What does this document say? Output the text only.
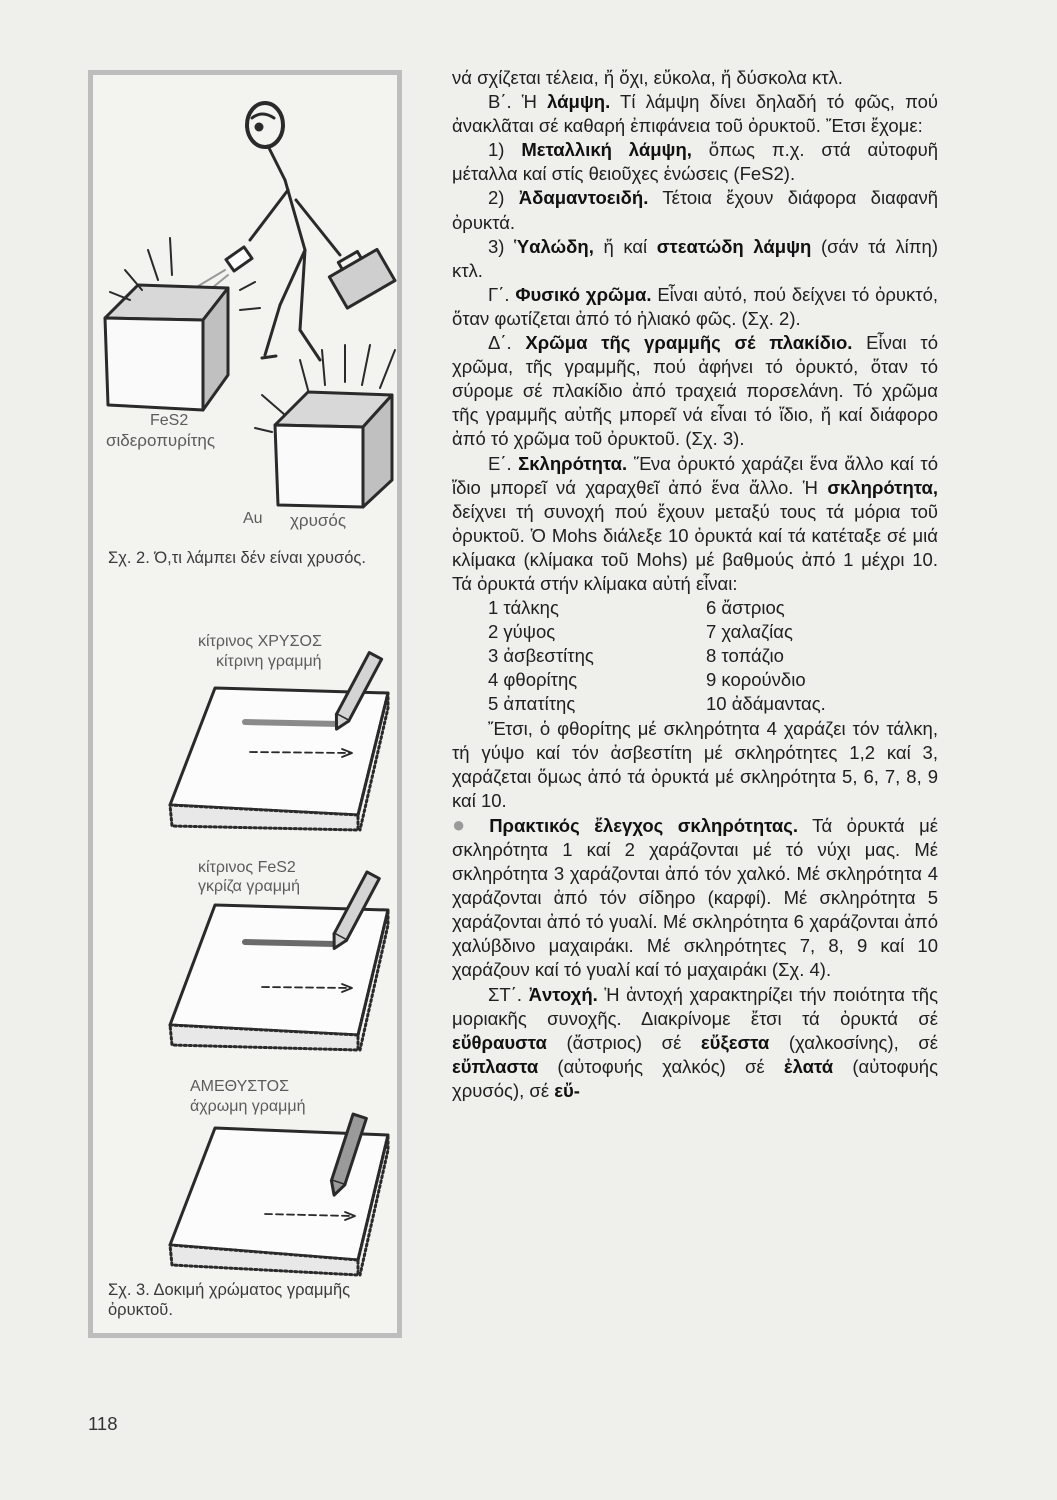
FeS2
σιδεροπυρίτης
Au χρυσός
Σχ. 2. Ό,τι λάμπει δέν είναι χρυσός.
κίτρινος ΧΡΥΣΟΣ
κίτρινη γραμμή
κίτρινος FeS2
γκρίζα γραμμή
ΑΜΕΘΥΣΤΟΣ
άχρωμη γραμμή
Σχ. 3. Δοκιμή χρώματος γραμμῆς ὀρυκτοῦ.

νά σχίζεται τέλεια, ἤ ὄχι, εὔκολα, ἤ δύσκολα κτλ.

Β΄. Ἡ λάμψη. Τί λάμψη δίνει δηλαδή τό φῶς, πού ἀνακλᾶται σέ καθαρή ἐπιφάνεια τοῦ ὀρυκτοῦ. Ἔτσι ἔχομε:

1) Μεταλλική λάμψη, ὅπως π.χ. στά αὐτοφυῆ μέταλλα καί στίς θειοῦχες ἑνώσεις (FeS2).

2) Ἀδαμαντοειδή. Τέτοια ἔχουν διάφορα διαφανῆ ὀρυκτά.

3) Ὑαλώδη, ἤ καί στεατώδη λάμψη (σάν τά λίπη) κτλ.

Γ΄. Φυσικό χρῶμα. Εἶναι αὐτό, πού δείχνει τό ὀρυκτό, ὅταν φωτίζεται ἀπό τό ἡλιακό φῶς. (Σχ. 2).

Δ΄. Χρῶμα τῆς γραμμῆς σέ πλακίδιο. Εἶναι τό χρῶμα, τῆς γραμμῆς, πού ἀφήνει τό ὀρυκτό, ὅταν τό σύρομε σέ πλακίδιο ἀπό τραχειά πορσελάνη. Τό χρῶμα τῆς γραμμῆς αὐτῆς μπορεῖ νά εἶναι τό ἴδιο, ἤ καί διάφορο ἀπό τό χρῶμα τοῦ ὀρυκτοῦ. (Σχ. 3).

Ε΄. Σκληρότητα. Ἕνα ὀρυκτό χαράζει ἕνα ἄλλο καί τό ἴδιο μπορεῖ νά χαραχθεῖ ἀπό ἕνα ἄλλο. Ἡ σκληρότητα, δείχνει τή συνοχή πού ἔχουν μεταξύ τους τά μόρια τοῦ ὀρυκτοῦ. Ὁ Mohs διάλεξε 10 ὀρυκτά καί τά κατέταξε σέ μιά κλίμακα (κλίμακα τοῦ Mohs) μέ βαθμούς ἀπό 1 μέχρι 10. Τά ὀρυκτά στήν κλίμακα αὐτή εἶναι:

1 τάλκης	6 ἄστριος
2 γύψος	7 χαλαζίας
3 ἀσβεστίτης	8 τοπάζιο
4 φθορίτης	9 κορούνδιο
5 ἀπατίτης	10 ἀδάμαντας.

Ἔτσι, ὁ φθορίτης μέ σκληρότητα 4 χαράζει τόν τάλκη, τή γύψο καί τόν ἀσβεστίτη μέ σκληρότητες 1,2 καί 3, χαράζεται ὅμως ἀπό τά ὀρυκτά μέ σκληρότητα 5, 6, 7, 8, 9 καί 10.

● Πρακτικός ἔλεγχος σκληρότητας. Τά ὀρυκτά μέ σκληρότητα 1 καί 2 χαράζονται μέ τό νύχι μας. Μέ σκληρότητα 3 χαράζονται ἀπό τόν χαλκό. Μέ σκληρότητα 4 χαράζονται ἀπό τόν σίδηρο (καρφί). Μέ σκληρότητα 5 χαράζονται ἀπό τό γυαλί. Μέ σκληρότητα 6 χαράζονται ἀπό χαλύβδινο μαχαιράκι. Μέ σκληρότητες 7, 8, 9 καί 10 χαράζουν καί τό γυαλί καί τό μαχαιράκι (Σχ. 4).

ΣΤ΄. Ἀντοχή. Ἡ ἀντοχή χαρακτηρίζει τήν ποιότητα τῆς μοριακῆς συνοχῆς. Διακρίνομε ἔτσι τά ὀρυκτά σέ εὔθραυστα (ἄστριος) σέ εὔξεστα (χαλκοσίνης), σέ εὔπλαστα (αὐτοφυής χαλκός) σέ ἐλατά (αὐτοφυής χρυσός), σέ εὔ-

118
